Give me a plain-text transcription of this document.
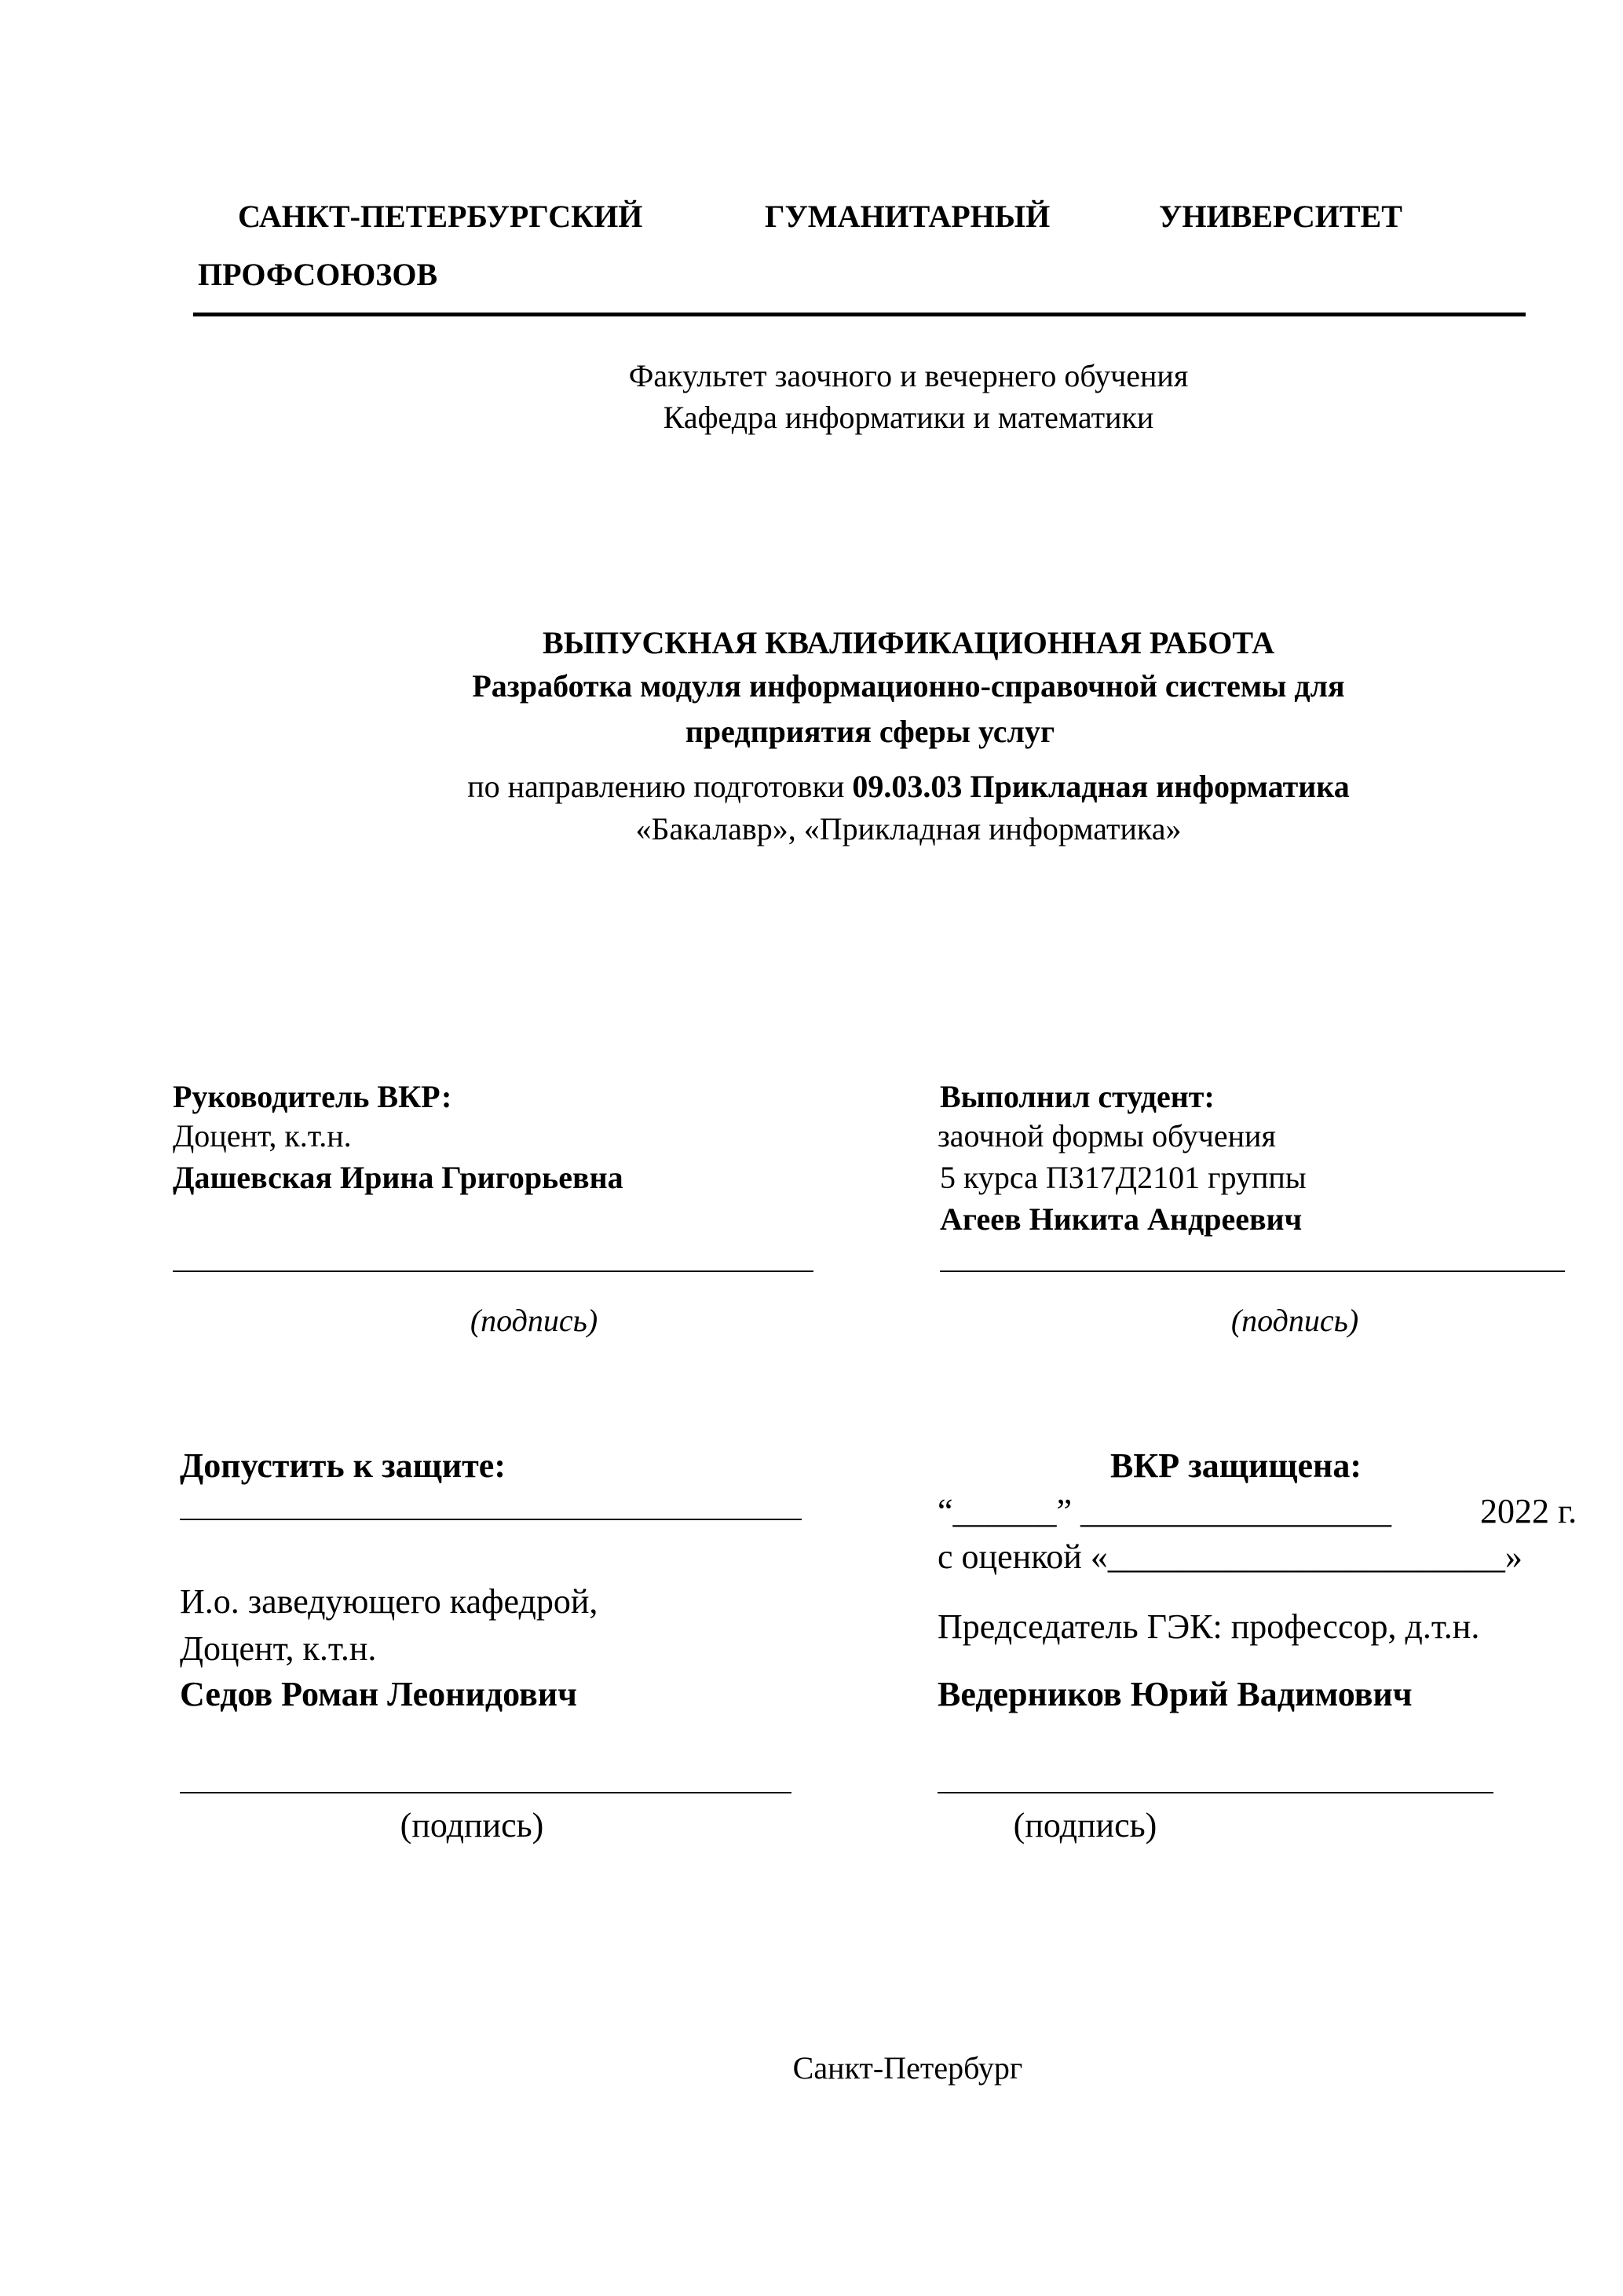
САНКТ-ПЕТЕРБУРГСКИЙ	ГУМАНИТАРНЫЙ	УНИВЕРСИТЕТ
ПРОФСОЮЗОВ
Факультет заочного и вечернего обучения
Кафедра информатики и математики
ВЫПУСКНАЯ КВАЛИФИКАЦИОННАЯ РАБОТА
Разработка модуля информационно-справочной системы для
предприятия сферы услуг
по направлению подготовки 09.03.03 Прикладная информатика
«Бакалавр», «Прикладная информатика»
Руководитель ВКР:
Доцент, к.т.н.
Дашевская Ирина Григорьевна
(подпись)
Выполнил студент:
заочной формы обучения
5 курса ПЗ17Д2101 группы
Агеев Никита Андреевич
(подпись)
Допустить к защите:
И.о. заведующего кафедрой,
Доцент, к.т.н.
Седов Роман Леонидович
(подпись)
ВКР защищена:
“______” __________________	2022 г.
с оценкой «_______________________»
Председатель ГЭК: профессор, д.т.н.
Ведерников Юрий Вадимович
(подпись)
Санкт-Петербург
